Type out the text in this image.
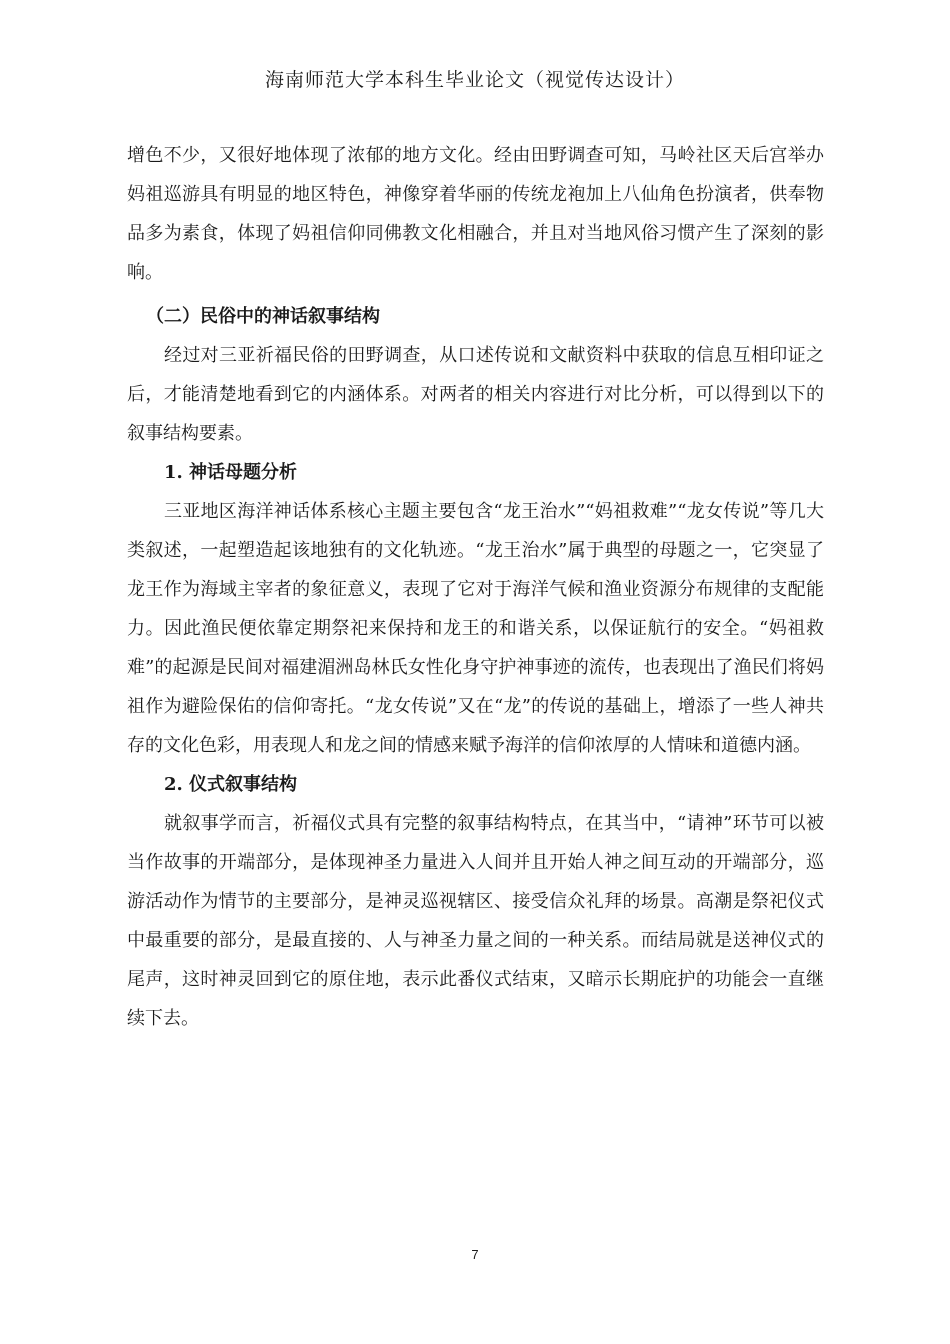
海南师范大学本科生毕业论文（视觉传达设计）

增色不少，又很好地体现了浓郁的地方文化。经由田野调查可知，马岭社区天后宫举办妈祖巡游具有明显的地区特色，神像穿着华丽的传统龙袍加上八仙角色扮演者，供奉物品多为素食，体现了妈祖信仰同佛教文化相融合，并且对当地风俗习惯产生了深刻的影响。

（二）民俗中的神话叙事结构

经过对三亚祈福民俗的田野调查，从口述传说和文献资料中获取的信息互相印证之后，才能清楚地看到它的内涵体系。对两者的相关内容进行对比分析，可以得到以下的叙事结构要素。

1. 神话母题分析

三亚地区海洋神话体系核心主题主要包含“龙王治水”“妈祖救难”“龙女传说”等几大类叙述，一起塑造起该地独有的文化轨迹。“龙王治水”属于典型的母题之一，它突显了龙王作为海域主宰者的象征意义，表现了它对于海洋气候和渔业资源分布规律的支配能力。因此渔民便依靠定期祭祀来保持和龙王的和谐关系，以保证航行的安全。“妈祖救难”的起源是民间对福建湄洲岛林氏女性化身守护神事迹的流传，也表现出了渔民们将妈祖作为避险保佑的信仰寄托。“龙女传说”又在“龙”的传说的基础上，增添了一些人神共存的文化色彩，用表现人和龙之间的情感来赋予海洋的信仰浓厚的人情味和道德内涵。

2. 仪式叙事结构

就叙事学而言，祈福仪式具有完整的叙事结构特点，在其当中，“请神”环节可以被当作故事的开端部分，是体现神圣力量进入人间并且开始人神之间互动的开端部分，巡游活动作为情节的主要部分，是神灵巡视辖区、接受信众礼拜的场景。高潮是祭祀仪式中最重要的部分，是最直接的、人与神圣力量之间的一种关系。而结局就是送神仪式的尾声，这时神灵回到它的原住地，表示此番仪式结束，又暗示长期庇护的功能会一直继续下去。

7
